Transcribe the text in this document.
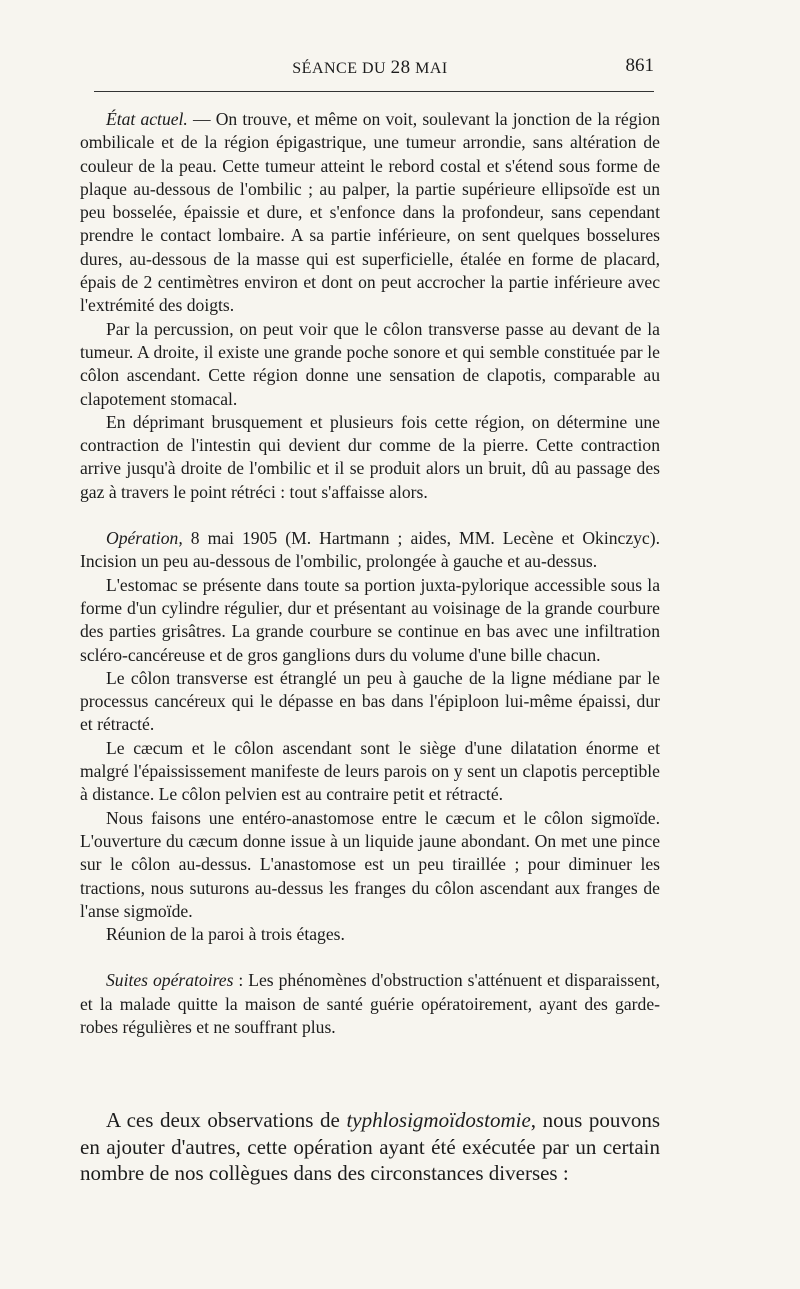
SÉANCE DU 28 MAI	861

État actuel. — On trouve, et même on voit, soulevant la jonction de la région ombilicale et de la région épigastrique, une tumeur arrondie, sans altération de couleur de la peau. Cette tumeur atteint le rebord costal et s'étend sous forme de plaque au-dessous de l'ombilic ; au palper, la partie supérieure ellipsoïde est un peu bosselée, épaissie et dure, et s'enfonce dans la profondeur, sans cependant prendre le contact lombaire. A sa partie inférieure, on sent quelques bosselures dures, au-dessous de la masse qui est superficielle, étalée en forme de placard, épais de 2 centimètres environ et dont on peut accrocher la partie inférieure avec l'extrémité des doigts.

Par la percussion, on peut voir que le côlon transverse passe au devant de la tumeur. A droite, il existe une grande poche sonore et qui semble constituée par le côlon ascendant. Cette région donne une sensation de clapotis, comparable au clapotement stomacal.

En déprimant brusquement et plusieurs fois cette région, on détermine une contraction de l'intestin qui devient dur comme de la pierre. Cette contraction arrive jusqu'à droite de l'ombilic et il se produit alors un bruit, dû au passage des gaz à travers le point rétréci : tout s'affaisse alors.

Opération, 8 mai 1905 (M. Hartmann ; aides, MM. Lecène et Okinczyc). Incision un peu au-dessous de l'ombilic, prolongée à gauche et au-dessus.

L'estomac se présente dans toute sa portion juxta-pylorique accessible sous la forme d'un cylindre régulier, dur et présentant au voisinage de la grande courbure des parties grisâtres. La grande courbure se continue en bas avec une infiltration scléro-cancéreuse et de gros ganglions durs du volume d'une bille chacun.

Le côlon transverse est étranglé un peu à gauche de la ligne médiane par le processus cancéreux qui le dépasse en bas dans l'épiploon lui-même épaissi, dur et rétracté.

Le cæcum et le côlon ascendant sont le siège d'une dilatation énorme et malgré l'épaississement manifeste de leurs parois on y sent un clapotis perceptible à distance. Le côlon pelvien est au contraire petit et rétracté.

Nous faisons une entéro-anastomose entre le cæcum et le côlon sigmoïde. L'ouverture du cæcum donne issue à un liquide jaune abondant. On met une pince sur le côlon au-dessus. L'anastomose est un peu tiraillée ; pour diminuer les tractions, nous suturons au-dessus les franges du côlon ascendant aux franges de l'anse sigmoïde.

Réunion de la paroi à trois étages.

Suites opératoires : Les phénomènes d'obstruction s'atténuent et disparaissent, et la malade quitte la maison de santé guérie opératoirement, ayant des garde-robes régulières et ne souffrant plus.

A ces deux observations de typhlosigmoïdostomie, nous pouvons en ajouter d'autres, cette opération ayant été exécutée par un certain nombre de nos collègues dans des circonstances diverses :
